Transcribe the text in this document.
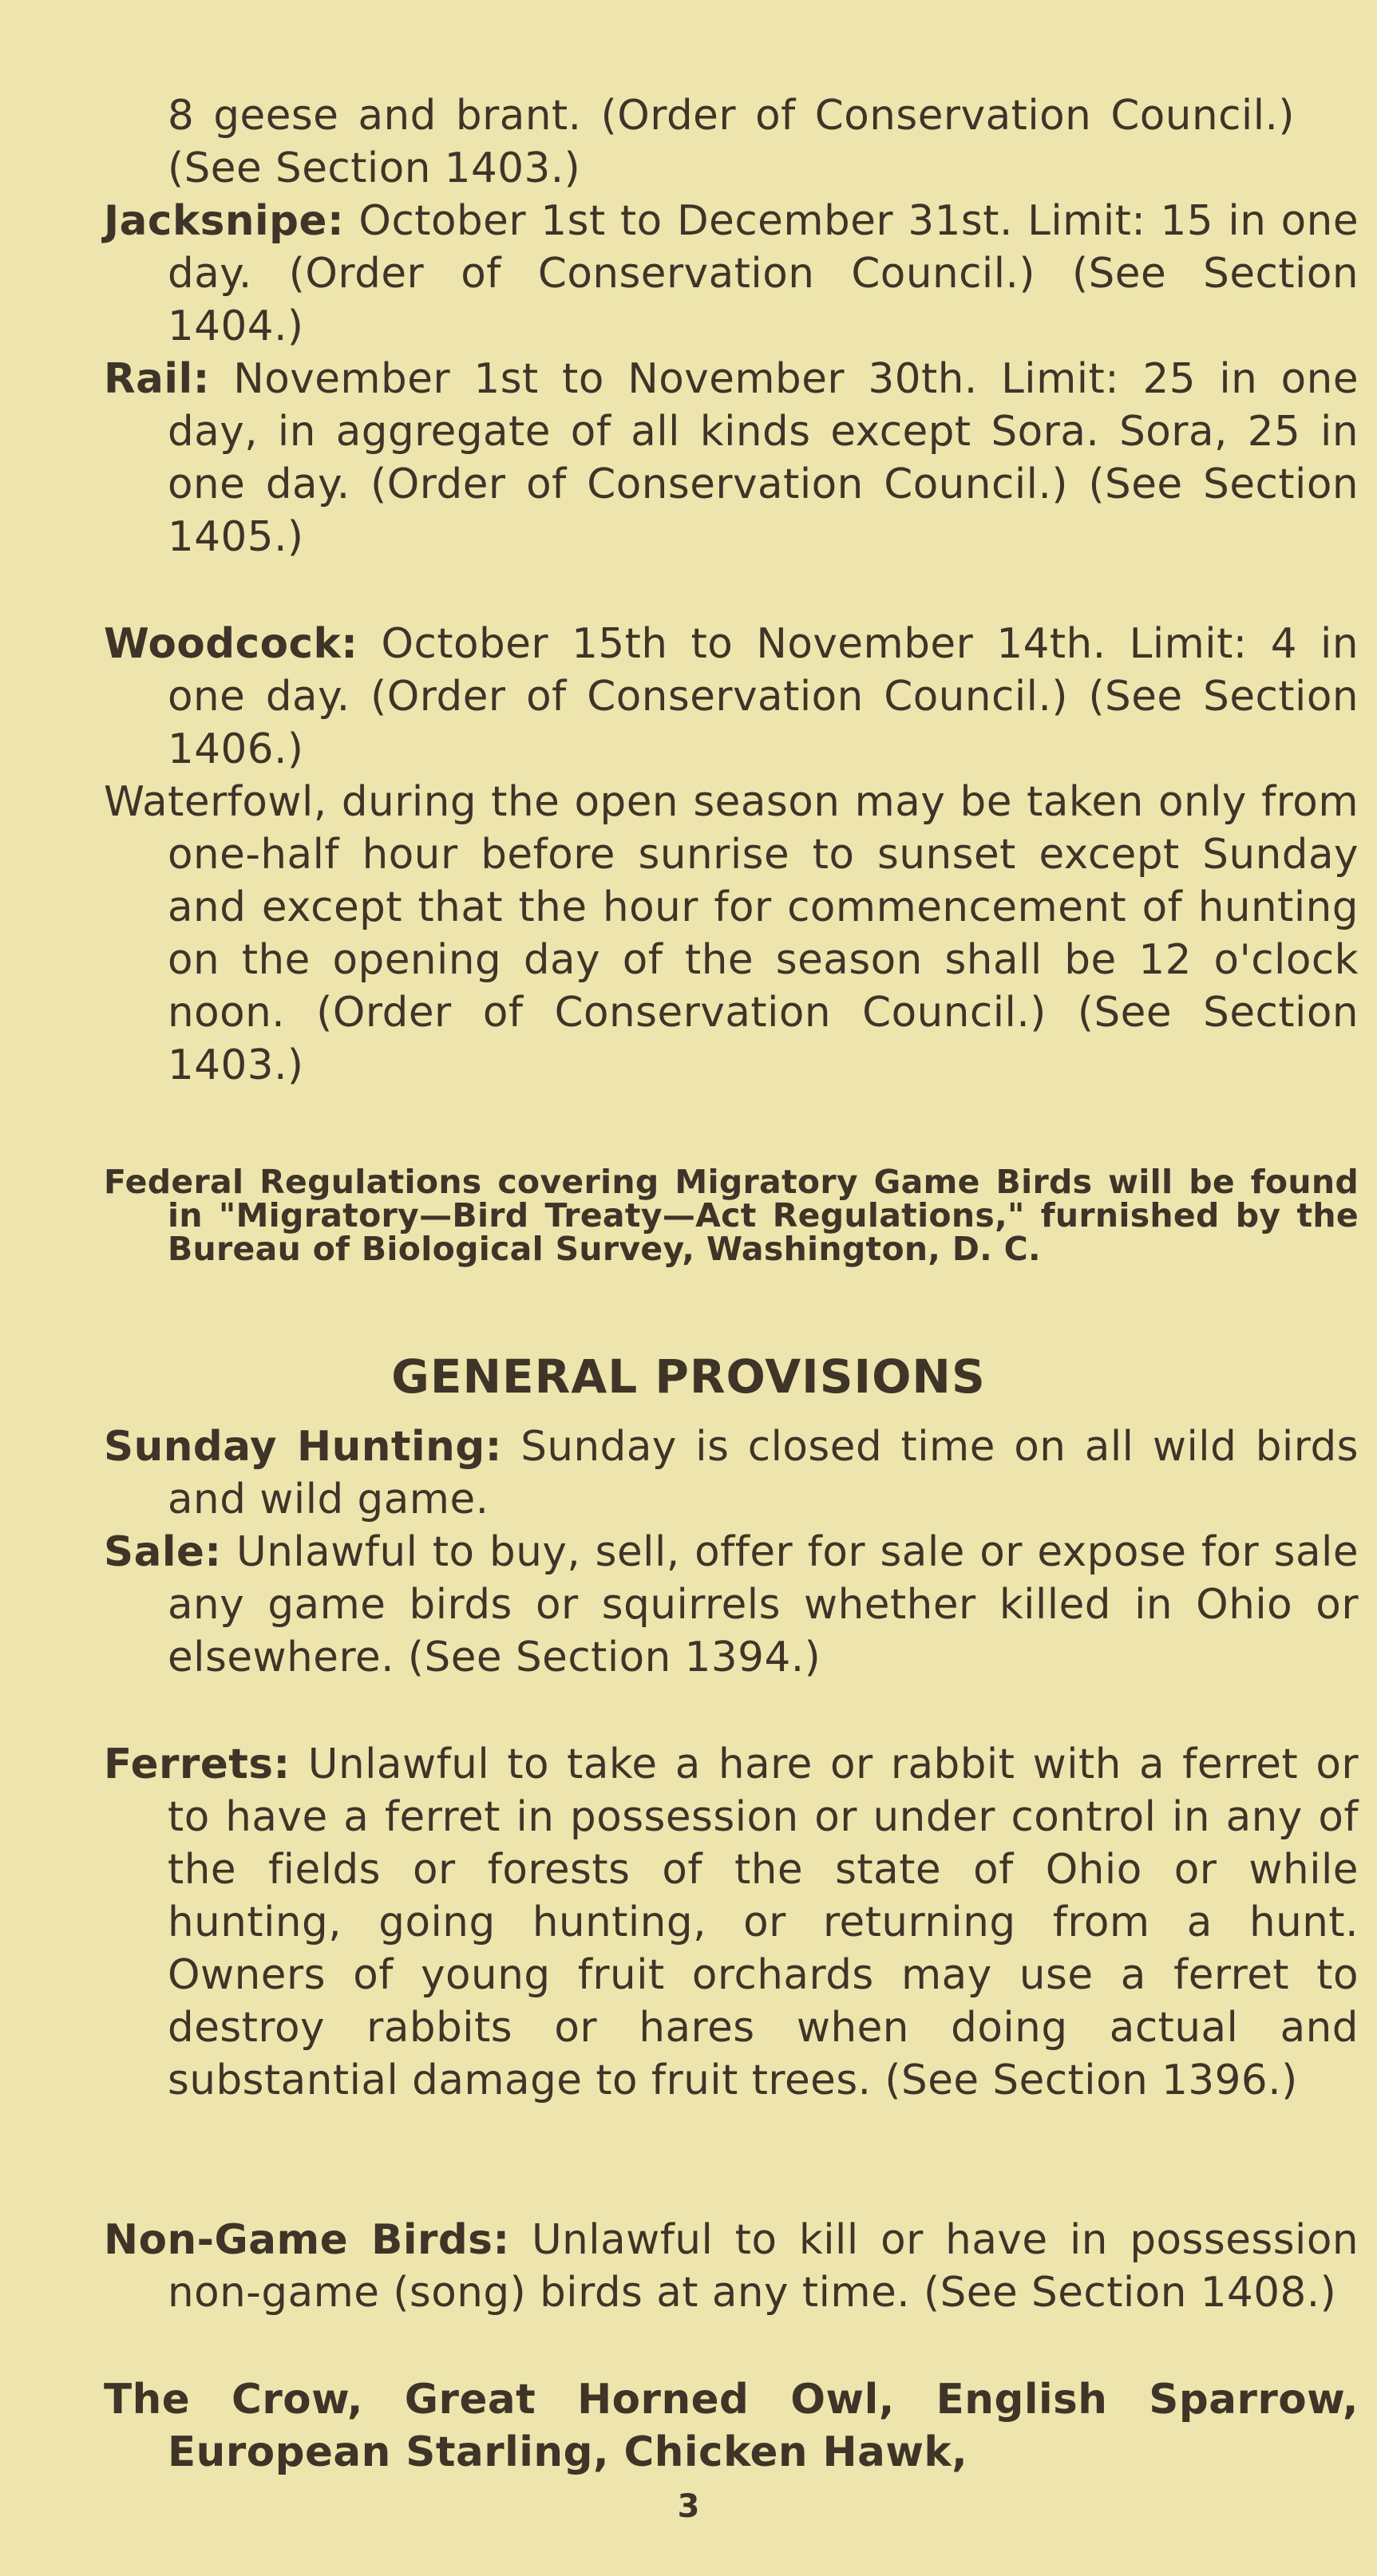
8 geese and brant. (Order of Conservation Council.) (See Section 1403.)
Jacksnipe: October 1st to December 31st. Limit: 15 in one day. (Order of Conservation Council.) (See Section 1404.)
Rail: November 1st to November 30th. Limit: 25 in one day, in aggregate of all kinds except Sora. Sora, 25 in one day. (Order of Conservation Council.) (See Section 1405.)
Woodcock: October 15th to November 14th. Limit: 4 in one day. (Order of Conservation Council.) (See Section 1406.)
Waterfowl, during the open season may be taken only from one-half hour before sunrise to sunset except Sunday and except that the hour for commencement of hunting on the opening day of the season shall be 12 o'clock noon. (Order of Conservation Council.) (See Section 1403.)
Federal Regulations covering Migratory Game Birds will be found in "Migratory—Bird Treaty—Act Regulations," furnished by the Bureau of Biological Survey, Washington, D. C.
GENERAL PROVISIONS
Sunday Hunting: Sunday is closed time on all wild birds and wild game.
Sale: Unlawful to buy, sell, offer for sale or expose for sale any game birds or squirrels whether killed in Ohio or elsewhere. (See Section 1394.)
Ferrets: Unlawful to take a hare or rabbit with a ferret or to have a ferret in possession or under control in any of the fields or forests of the state of Ohio or while hunting, going hunting, or returning from a hunt. Owners of young fruit orchards may use a ferret to destroy rabbits or hares when doing actual and substantial damage to fruit trees. (See Section 1396.)
Non-Game Birds: Unlawful to kill or have in possession non-game (song) birds at any time. (See Section 1408.)
The Crow, Great Horned Owl, English Sparrow, European Starling, Chicken Hawk,
3
